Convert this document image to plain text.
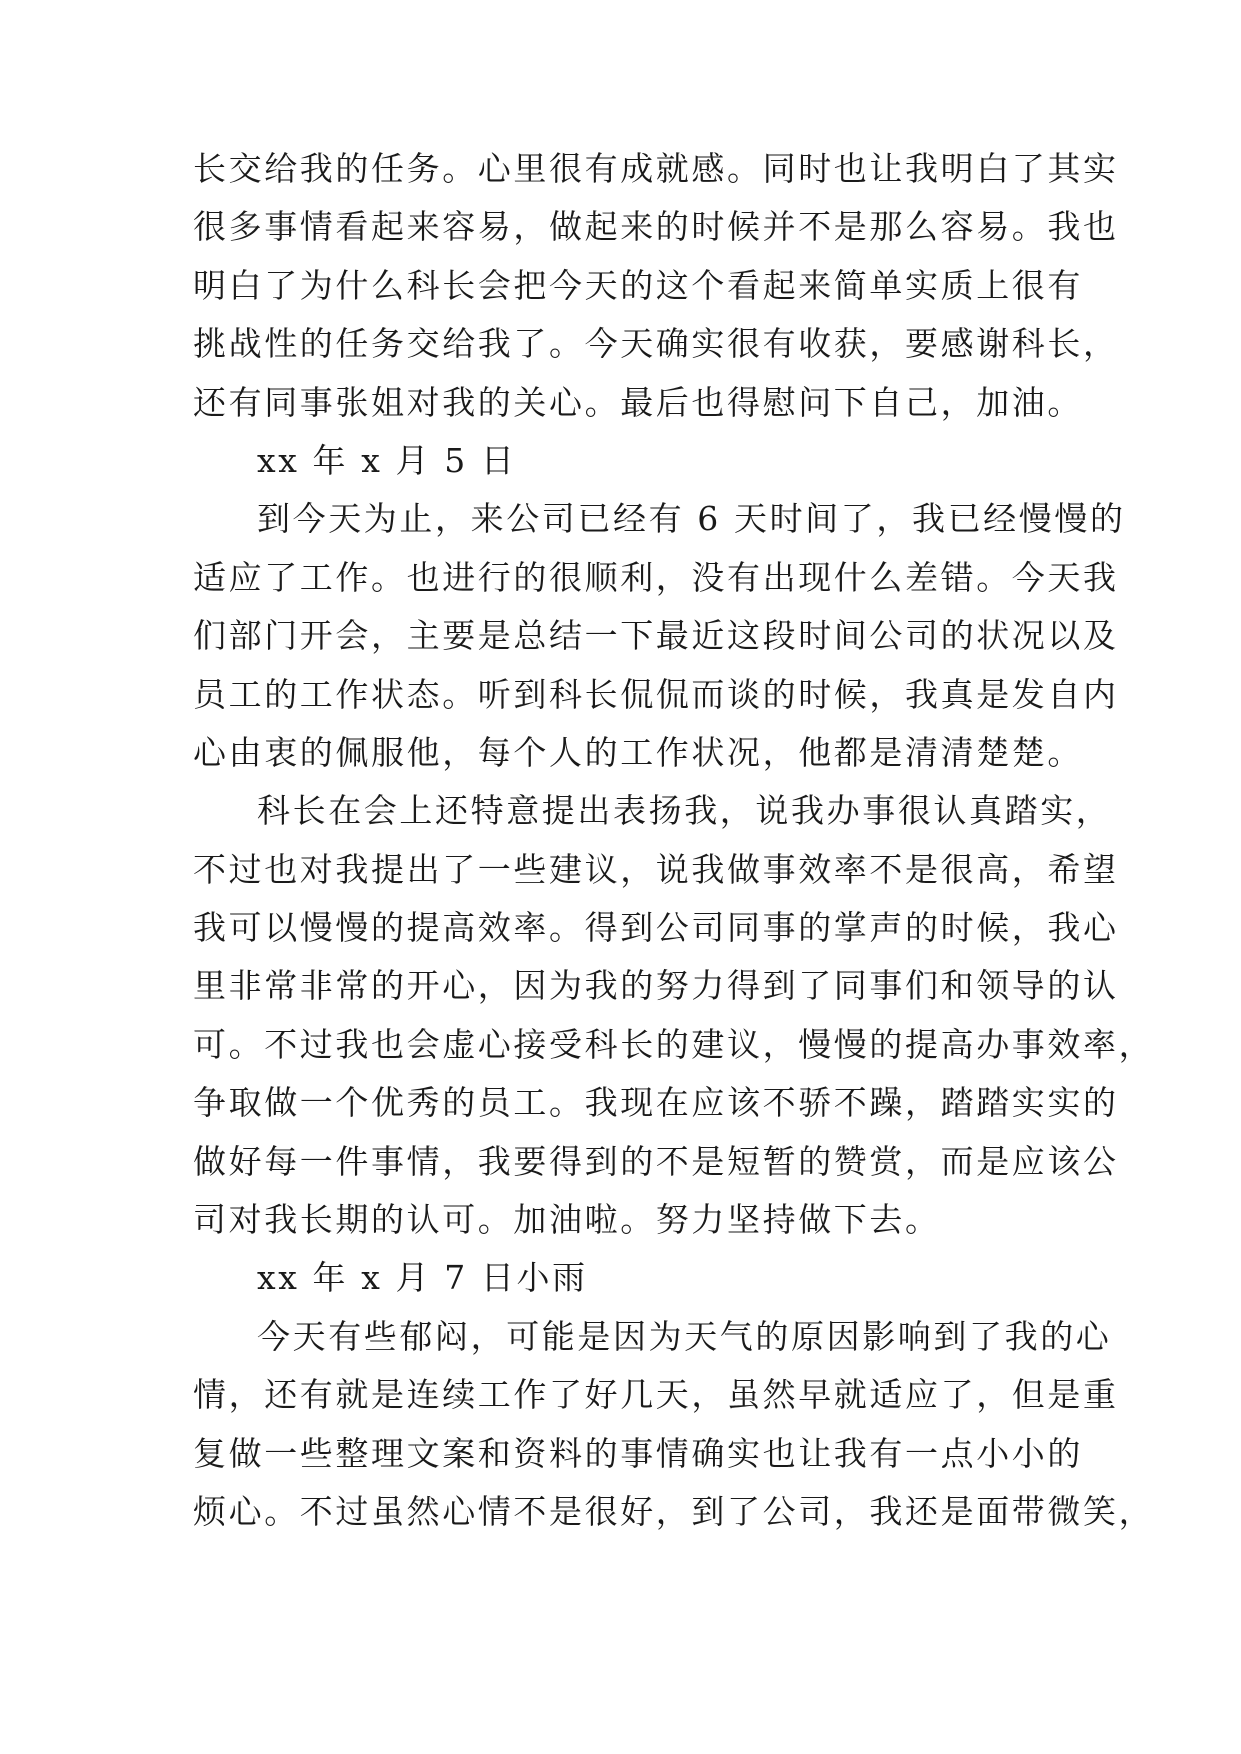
长交给我的任务。心里很有成就感。同时也让我明白了其实
很多事情看起来容易，做起来的时候并不是那么容易。我也
明白了为什么科长会把今天的这个看起来简单实质上很有
挑战性的任务交给我了。今天确实很有收获，要感谢科长，
还有同事张姐对我的关心。最后也得慰问下自己，加油。
xx 年 x 月 5 日
到今天为止，来公司已经有 6 天时间了，我已经慢慢的
适应了工作。也进行的很顺利，没有出现什么差错。今天我
们部门开会，主要是总结一下最近这段时间公司的状况以及
员工的工作状态。听到科长侃侃而谈的时候，我真是发自内
心由衷的佩服他，每个人的工作状况，他都是清清楚楚。
科长在会上还特意提出表扬我，说我办事很认真踏实，
不过也对我提出了一些建议，说我做事效率不是很高，希望
我可以慢慢的提高效率。得到公司同事的掌声的时候，我心
里非常非常的开心，因为我的努力得到了同事们和领导的认
可。不过我也会虚心接受科长的建议，慢慢的提高办事效率，
争取做一个优秀的员工。我现在应该不骄不躁，踏踏实实的
做好每一件事情，我要得到的不是短暂的赞赏，而是应该公
司对我长期的认可。加油啦。努力坚持做下去。
xx 年 x 月 7 日小雨
今天有些郁闷，可能是因为天气的原因影响到了我的心
情，还有就是连续工作了好几天，虽然早就适应了，但是重
复做一些整理文案和资料的事情确实也让我有一点小小的
烦心。不过虽然心情不是很好，到了公司，我还是面带微笑，
